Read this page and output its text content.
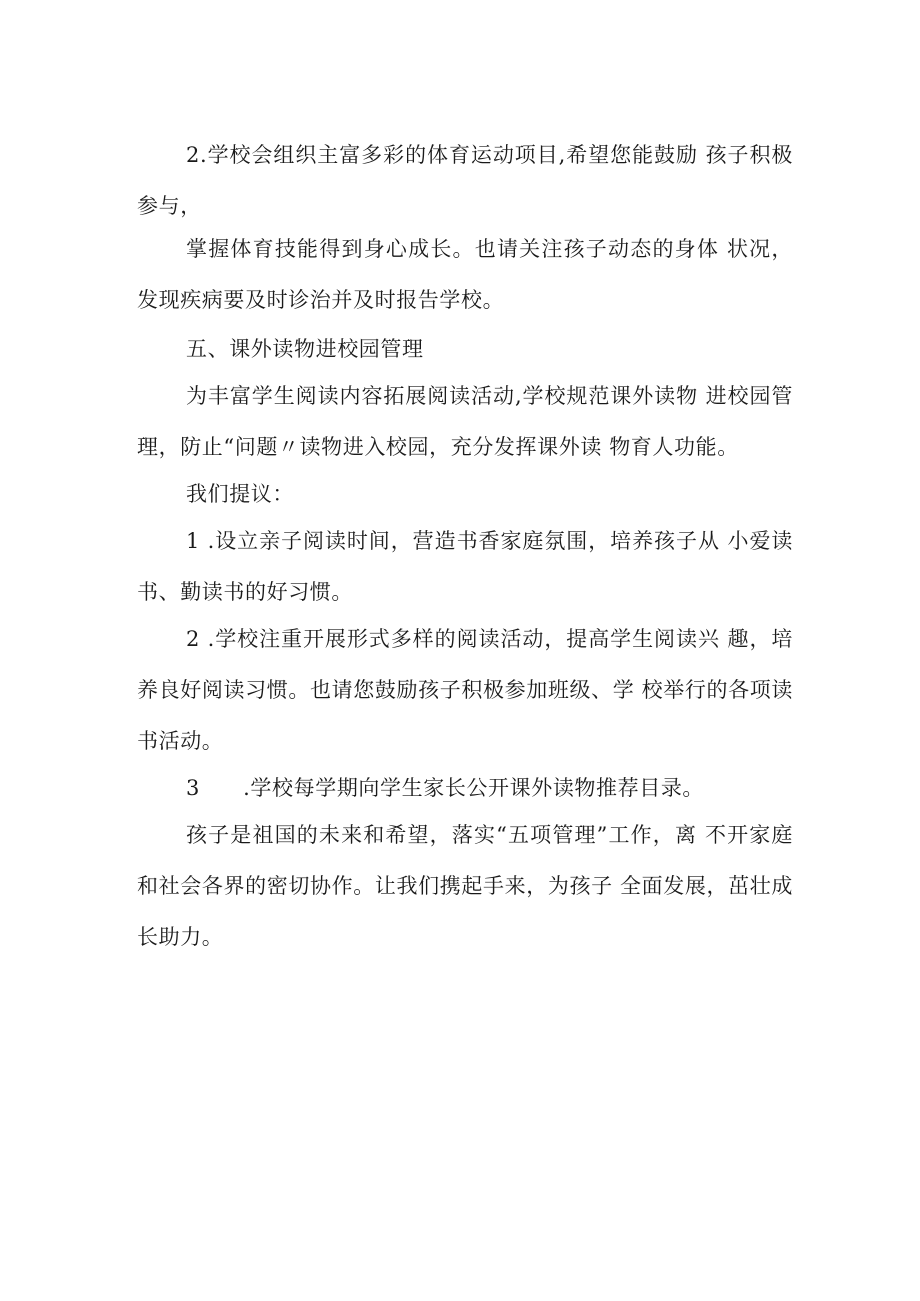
2.学校会组织主富多彩的体育运动项目,希望您能鼓励 孩子积极参与，

掌握体育技能得到身心成长。也请关注孩子动态的身体 状况，发现疾病要及时诊治并及时报告学校。

五、课外读物进校园管理

为丰富学生阅读内容拓展阅读活动,学校规范课外读物 进校园管理，防止“问题〃读物进入校园，充分发挥课外读 物育人功能。

我们提议：

1 .设立亲子阅读时间，营造书香家庭氛围，培养孩子从 小爱读书、勤读书的好习惯。

2 .学校注重开展形式多样的阅读活动，提高学生阅读兴 趣，培养良好阅读习惯。也请您鼓励孩子积极参加班级、学 校举行的各项读书活动。

3　　.学校每学期向学生家长公开课外读物推荐目录。

孩子是祖国的未来和希望，落实“五项管理”工作，离 不开家庭和社会各界的密切协作。让我们携起手来，为孩子 全面发展，茁壮成长助力。
